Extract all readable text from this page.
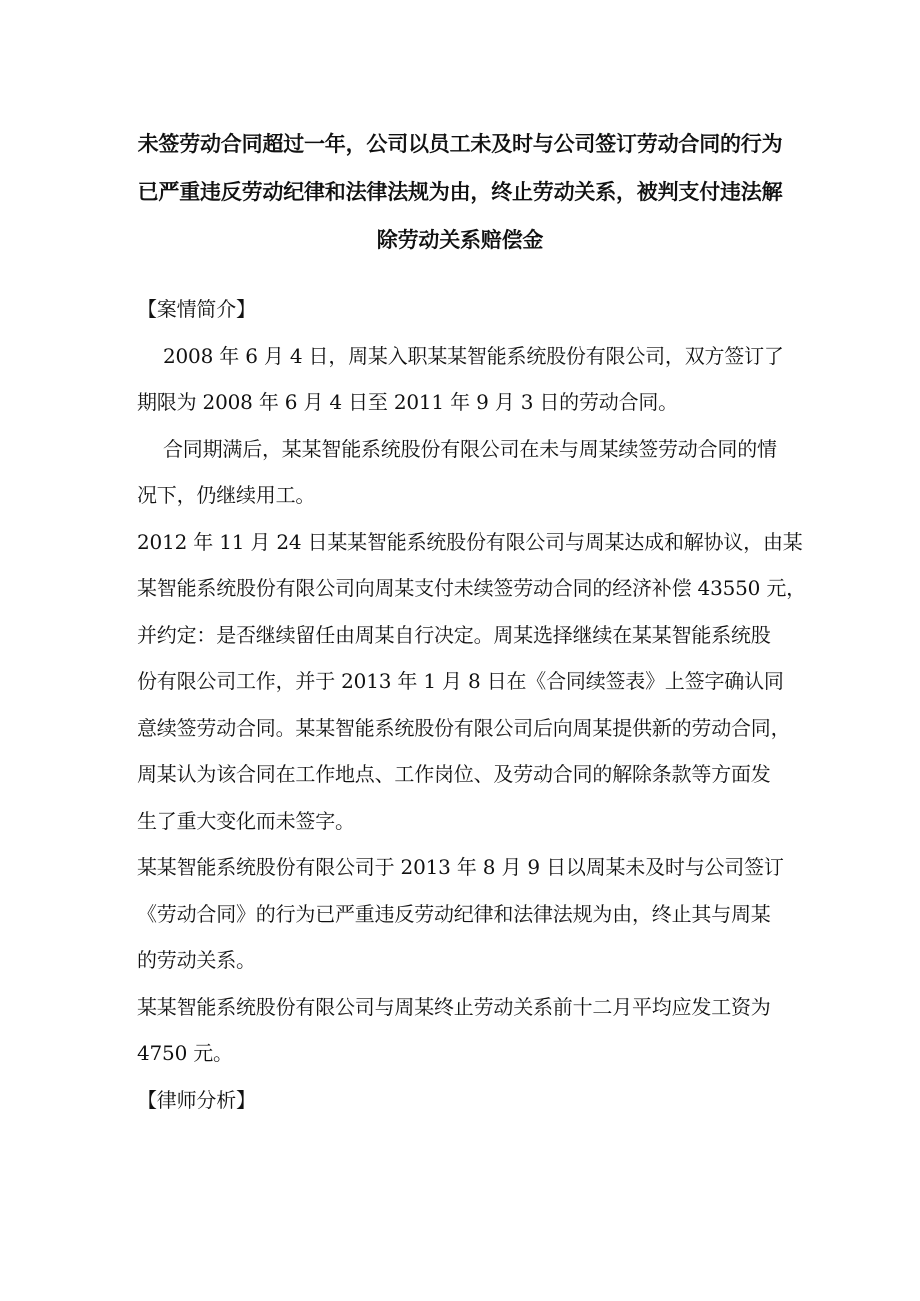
未签劳动合同超过一年，公司以员工未及时与公司签订劳动合同的行为
已严重违反劳动纪律和法律法规为由，终止劳动关系，被判支付违法解
除劳动关系赔偿金

【案情简介】

2008 年 6 月 4 日，周某入职某某智能系统股份有限公司，双方签订了
期限为 2008 年 6 月 4 日至 2011 年 9 月 3 日的劳动合同。

合同期满后，某某智能系统股份有限公司在未与周某续签劳动合同的情
况下，仍继续用工。

2012 年 11 月 24 日某某智能系统股份有限公司与周某达成和解协议，由某
某智能系统股份有限公司向周某支付未续签劳动合同的经济补偿 43550 元，
并约定：是否继续留任由周某自行决定。周某选择继续在某某智能系统股
份有限公司工作，并于 2013 年 1 月 8 日在《合同续签表》上签字确认同
意续签劳动合同。某某智能系统股份有限公司后向周某提供新的劳动合同，
周某认为该合同在工作地点、工作岗位、及劳动合同的解除条款等方面发
生了重大变化而未签字。

某某智能系统股份有限公司于 2013 年 8 月 9 日以周某未及时与公司签订
《劳动合同》的行为已严重违反劳动纪律和法律法规为由，终止其与周某
的劳动关系。

某某智能系统股份有限公司与周某终止劳动关系前十二月平均应发工资为
4750 元。

【律师分析】
